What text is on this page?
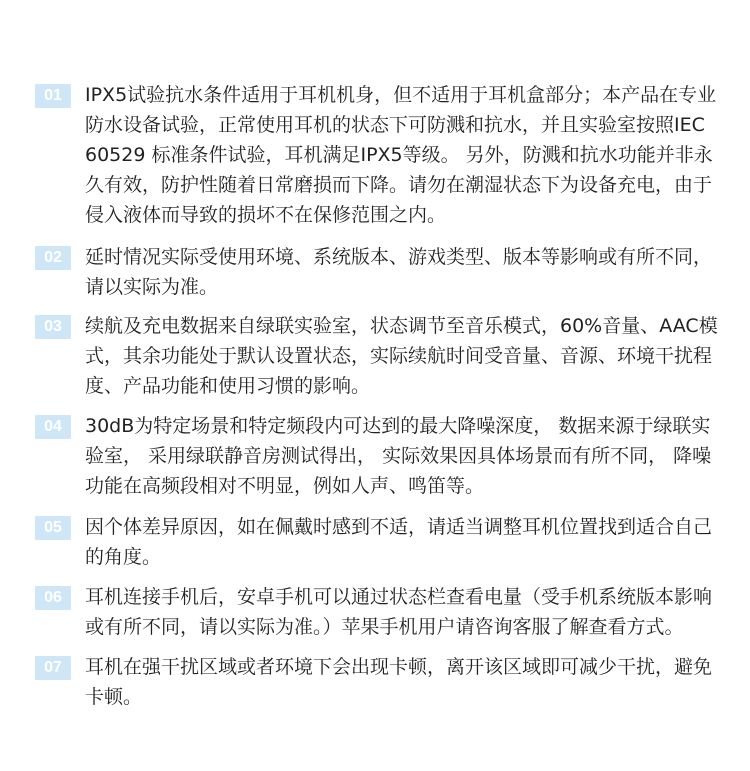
01	IPX5试验抗水条件适用于耳机机身，但不适用于耳机盒部分；本产品在专业防水设备试验，正常使用耳机的状态下可防溅和抗水，并且实验室按照IEC 60529 标准条件试验，耳机满足IPX5等级。 另外，防溅和抗水功能并非永久有效，防护性随着日常磨损而下降。请勿在潮湿状态下为设备充电，由于侵入液体而导致的损坏不在保修范围之内。

02	延时情况实际受使用环境、系统版本、游戏类型、版本等影响或有所不同，请以实际为准。

03	续航及充电数据来自绿联实验室，状态调节至音乐模式，60%音量、AAC模式，其余功能处于默认设置状态，实际续航时间受音量、音源、环境干扰程度、产品功能和使用习惯的影响。

04	30dB为特定场景和特定频段内可达到的最大降噪深度， 数据来源于绿联实验室， 采用绿联静音房测试得出， 实际效果因具体场景而有所不同， 降噪功能在高频段相对不明显，例如人声、鸣笛等。

05	因个体差异原因，如在佩戴时感到不适，请适当调整耳机位置找到适合自己的角度。

06	耳机连接手机后，安卓手机可以通过状态栏查看电量（受手机系统版本影响或有所不同，请以实际为准。）苹果手机用户请咨询客服了解查看方式。

07	耳机在强干扰区域或者环境下会出现卡顿，离开该区域即可减少干扰，避免卡顿。
